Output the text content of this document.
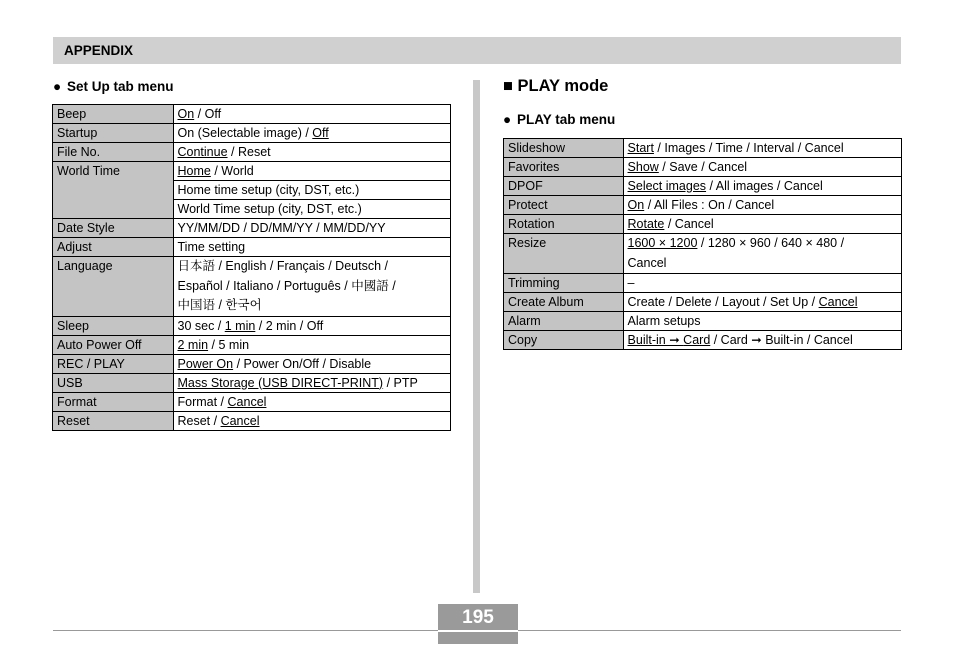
APPENDIX
● Set Up tab menu
Beep	On / Off
Startup	On (Selectable image) / Off
File No.	Continue / Reset
World Time	Home / World
	Home time setup (city, DST, etc.)
	World Time setup (city, DST, etc.)
Date Style	YY/MM/DD / DD/MM/YY / MM/DD/YY
Adjust	Time setting
Language	日本語 / English / Français / Deutsch /
Español / Italiano / Português / 中國語 /
中国语 / 한국어

Sleep	30 sec / 1 min / 2 min / Off
Auto Power Off	2 min / 5 min
REC / PLAY	Power On / Power On/Off / Disable
USB	Mass Storage (USB DIRECT-PRINT) / PTP
Format	Format / Cancel
Reset	Reset / Cancel
■ PLAY mode
● PLAY tab menu
Slideshow	Start / Images / Time / Interval / Cancel
Favorites	Show / Save / Cancel
DPOF	Select images / All images / Cancel
Protect	On / All Files : On / Cancel
Rotation	Rotate / Cancel
Resize	1600 × 1200 / 1280 × 960 / 640 × 480 /
Cancel

Trimming	–
Create Album	Create / Delete / Layout / Set Up / Cancel
Alarm	Alarm setups
Copy	Built-in ➞ Card / Card ➞ Built-in / Cancel
195
